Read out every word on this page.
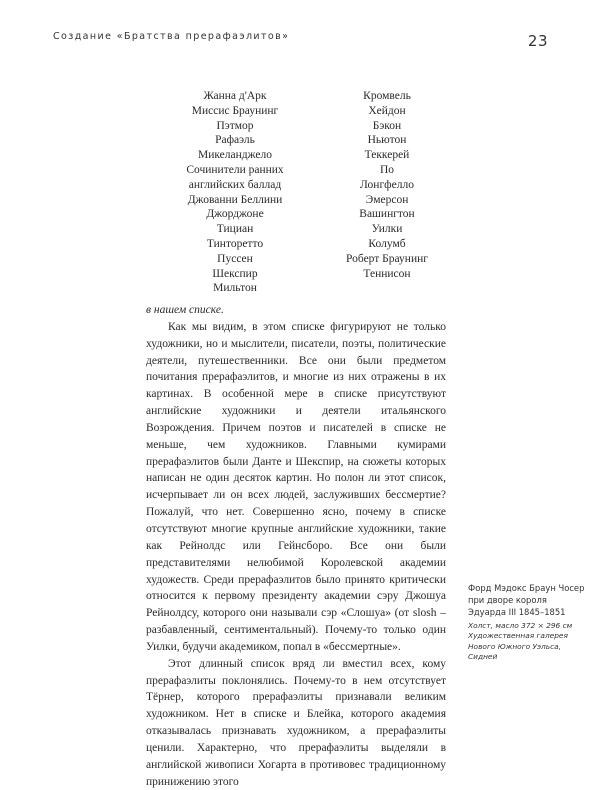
Создание «Братства прерафаэлитов»	23
Жанна д'Арк
Миссис Браунинг
Пэтмор
Рафаэль
Микеланджело
Сочинители ранних
английских баллад
Джованни Беллини
Джорджоне
Тициан
Тинторетто
Пуссен
Шекспир
Мильтон
Кромвель
Хейдон
Бэкон
Ньютон
Теккерей
По
Лонгфелло
Эмерсон
Вашингтон
Уилки
Колумб
Роберт Браунинг
Теннисон

в нашем списке.

Как мы видим, в этом списке фигурируют не только художники, но и мыслители, писатели, поэты, политические деятели, путешественники. Все они были предметом почитания прерафаэлитов, и многие из них отражены в их картинах. В особенной мере в списке присутствуют английские художники и деятели итальянского Возрождения. Причем поэтов и писателей в списке не меньше, чем художников. Главными кумирами прерафаэлитов были Данте и Шекспир, на сюжеты которых написан не один десяток картин. Но полон ли этот список, исчерпывает ли он всех людей, заслуживших бессмертие? Пожалуй, что нет. Совершенно ясно, почему в списке отсутствуют многие крупные английские художники, такие как Рейнолдс или Гейнсборо. Все они были представителями нелюбимой Королевской академии художеств. Среди прерафаэлитов было принято критически относится к первому президенту академии сэру Джошуа Рейнолдсу, которого они называли сэр «Слошуа» (от slosh – разбавленный, сентиментальный). Почему-то только один Уилки, будучи академиком, попал в «бессмертные».

Этот длинный список вряд ли вместил всех, кому прерафаэлиты поклонялись. Почему-то в нем отсутствует Тёрнер, которого прерафаэлиты признавали великим художником. Нет в списке и Блейка, которого академия отказывалась признавать художником, а прерафаэлиты ценили. Характерно, что прерафаэлиты выделяли в английской живописи Хогарта в противовес традиционному принижению этого

Форд Мэдокс Браун Чосер при дворе короля Эдуарда III 1845–1851
Холст, масло 372 × 296 см Художественная галерея Нового Южного Уэльса, Сидней
